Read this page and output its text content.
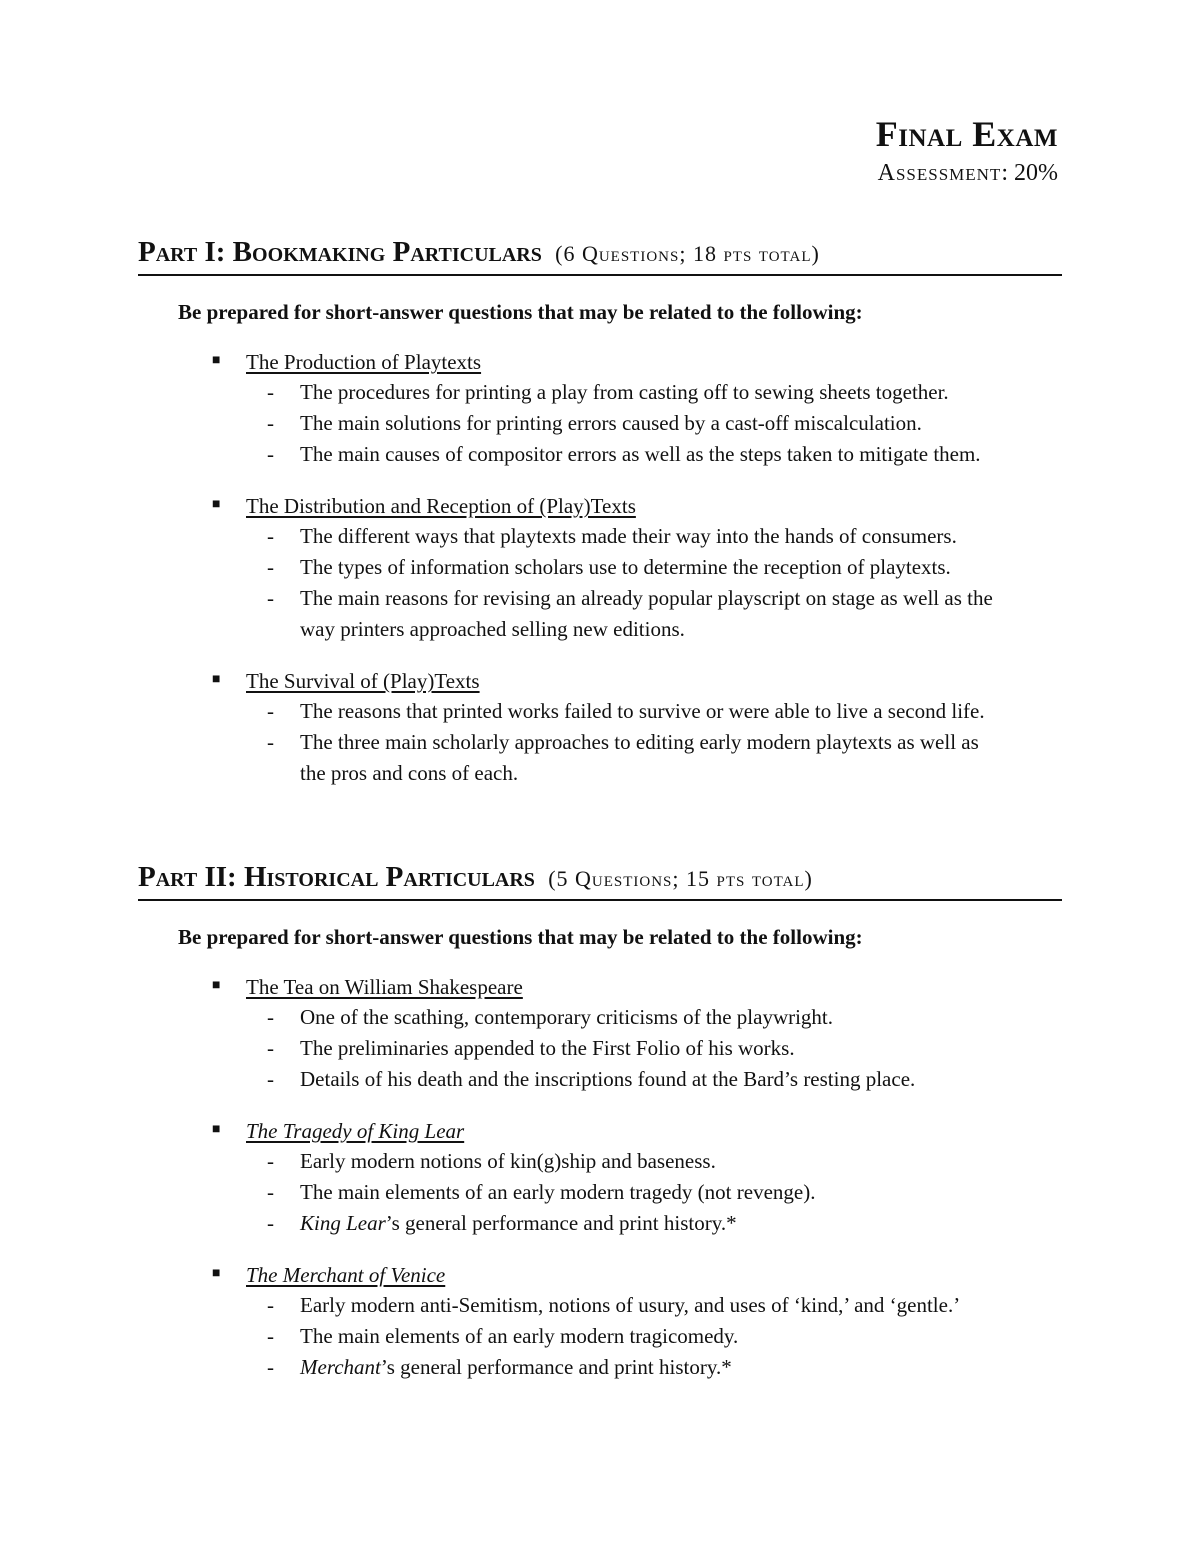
Final Exam
Assessment: 20%
Part I: Bookmaking Particulars (6 Questions; 18 pts total)
Be prepared for short-answer questions that may be related to the following:
■ The Production of Playtexts
- The procedures for printing a play from casting off to sewing sheets together.
- The main solutions for printing errors caused by a cast-off miscalculation.
- The main causes of compositor errors as well as the steps taken to mitigate them.
■ The Distribution and Reception of (Play)Texts
- The different ways that playtexts made their way into the hands of consumers.
- The types of information scholars use to determine the reception of playtexts.
- The main reasons for revising an already popular playscript on stage as well as the way printers approached selling new editions.
■ The Survival of (Play)Texts
- The reasons that printed works failed to survive or were able to live a second life.
- The three main scholarly approaches to editing early modern playtexts as well as the pros and cons of each.
Part II: Historical Particulars (5 Questions; 15 pts total)
Be prepared for short-answer questions that may be related to the following:
■ The Tea on William Shakespeare
- One of the scathing, contemporary criticisms of the playwright.
- The preliminaries appended to the First Folio of his works.
- Details of his death and the inscriptions found at the Bard’s resting place.
■ The Tragedy of King Lear
- Early modern notions of kin(g)ship and baseness.
- The main elements of an early modern tragedy (not revenge).
- King Lear’s general performance and print history.*
■ The Merchant of Venice
- Early modern anti-Semitism, notions of usury, and uses of ‘kind,’ and ‘gentle.’
- The main elements of an early modern tragicomedy.
- Merchant’s general performance and print history.*
